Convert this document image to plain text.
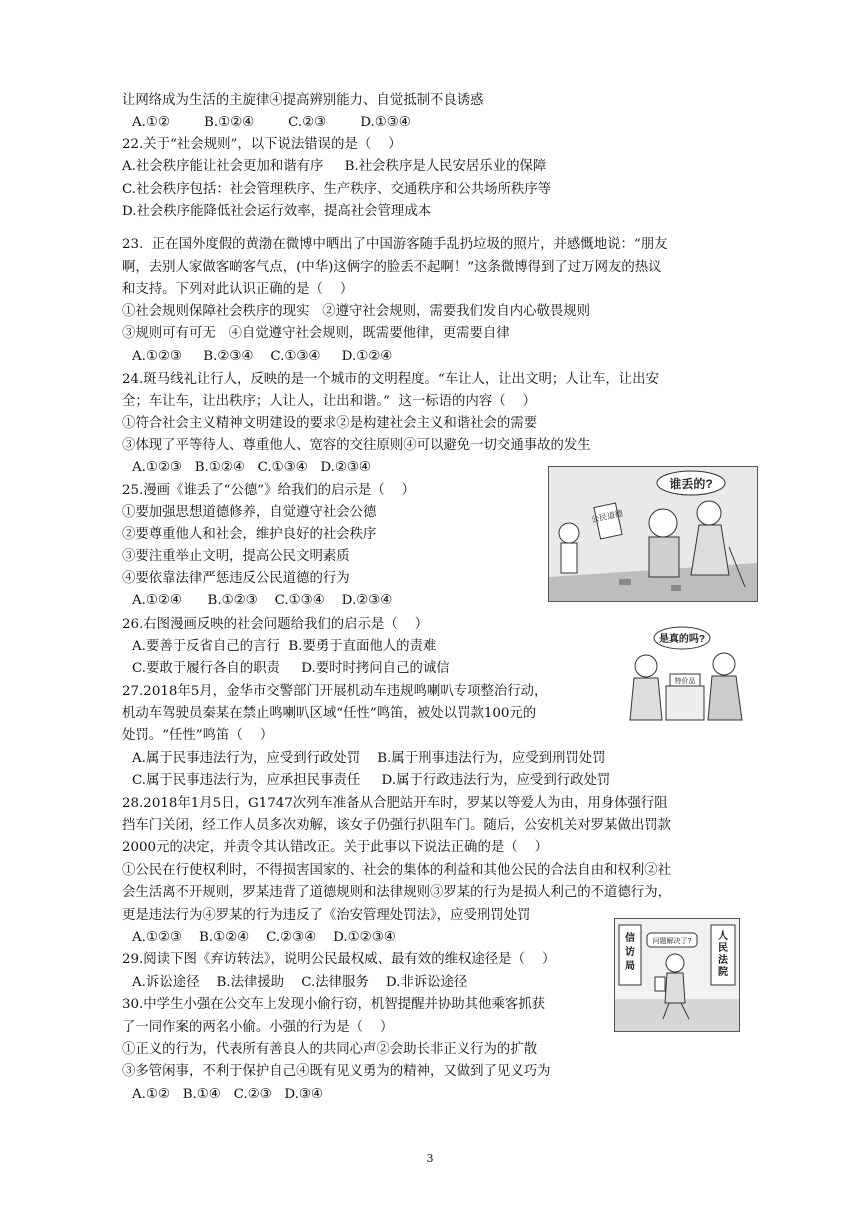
让网络成为生活的主旋律④提高辨别能力、自觉抵制不良诱惑
A.①②        B.①②④        C.②③        D.①③④
22.关于“社会规则”，以下说法错误的是（    ）
A.社会秩序能让社会更加和谐有序     B.社会秩序是人民安居乐业的保障
C.社会秩序包括：社会管理秩序、生产秩序、交通秩序和公共场所秩序等
D.社会秩序能降低社会运行效率，提高社会管理成本
23.  正在国外度假的黄渤在微博中晒出了中国游客随手乱扔垃圾的照片，并感慨地说：“朋友
啊，去别人家做客啲客气点，(中华)这俩字的脸丢不起啊！”这条微博得到了过万网友的热议
和支持。下列对此认识正确的是（    ）
①社会规则保障社会秩序的现实   ②遵守社会规则，需要我们发自内心敬畏规则
③规则可有可无   ④自觉遵守社会规则，既需要他律，更需要自律
A.①②③     B.②③④    C.①③④     D.①②④
24.斑马线礼让行人，反映的是一个城市的文明程度。“车让人，让出文明；人让车，让出安
全；车让车，让出秩序；人让人，让出和谐。”  这一标语的内容（    ）
①符合社会主义精神文明建设的要求②是构建社会主义和谐社会的需要
③体现了平等待人、尊重他人、宽容的交往原则④可以避免一切交通事故的发生
A.①②③   B.①②④   C.①③④   D.②③④
25.漫画《谁丢了“公德”》给我们的启示是（    ）
①要加强思想道德修养，自觉遵守社会公德
②要尊重他人和社会，维护良好的社会秩序
③要注重举止文明，提高公民文明素质
④要依靠法律严惩违反公民道德的行为
A.①②④      B.①②③    C.①③④    D.②③④
26.右图漫画反映的社会问题给我们的启示是（    ）
A.要善于反省自己的言行  B.要勇于直面他人的责难
C.要敢于履行各自的职责     D.要时时拷问自己的诚信
27.2018年5月，金华市交警部门开展机动车违规鸣喇叭专项整治行动，
机动车驾驶员秦某在禁止鸣喇叭区域“任性”鸣笛，被处以罚款100元的
处罚。“任性”鸣笛（    ）
A.属于民事违法行为，应受到行政处罚    B.属于刑事违法行为，应受到刑罚处罚
C.属于民事违法行为，应承担民事责任     D.属于行政违法行为，应受到行政处罚
28.2018年1月5日，G1747次列车准备从合肥站开车时，罗某以等爱人为由，用身体强行阻
挡车门关闭，经工作人员多次劝解，该女子仍强行扒阻车门。随后，公安机关对罗某做出罚款
2000元的决定，并责令其认错改正。关于此事以下说法正确的是（    ）
①公民在行使权利时，不得损害国家的、社会的集体的利益和其他公民的合法自由和权利②社
会生活离不开规则，罗某违背了道德规则和法律规则③罗某的行为是损人利己的不道德行为，
更是违法行为④罗某的行为违反了《治安管理处罚法》，应受刑罚处罚
A.①②③    B.①②④    C.②③④    D.①②③④
29.阅读下图《弃访转法》，说明公民最权威、最有效的维权途径是（    ）
A.诉讼途径    B.法律援助    C.法律服务    D.非诉讼途径
30.中学生小强在公交车上发现小偷行窃，机智提醒并协助其他乘客抓获
了一同作案的两名小偷。小强的行为是（    ）
①正义的行为，代表所有善良人的共同心声②会助长非正义行为的扩散
③多管闲事，不利于保护自己④既有见义勇为的精神，又做到了见义巧为
A.①②   B.①④   C.②③   D.③④
谁丢的?
公民道德
是真的吗?
特价品
信
访
局
人
民
法
院
问题解决了?
3
